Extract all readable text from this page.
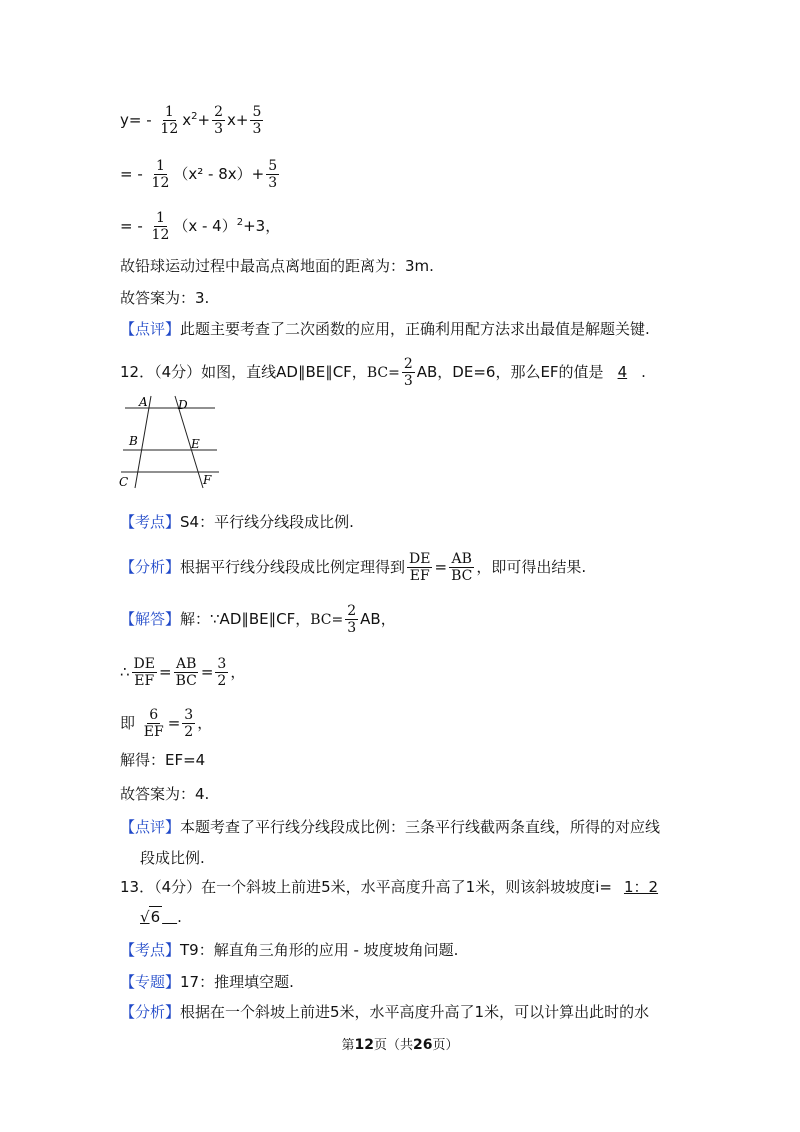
$y= - \frac{1}{12} x^2+ \frac{2}{3} x+ \frac{5}{3}$
= - $\frac{1}{12} (x^2 - 8x)+ \frac{5}{3}$
= - $\frac{1}{12} (x - 4)^2+3$，
故铅球运动过程中最高点离地面的距离为：3m.
故答案为：3.
【点评】此题主要考查了二次函数的应用，正确利用配方法求出最值是解题关键.
12．（4分）如图，直线AD∥BE∥CF，$BC= \frac{2}{3}$ AB，DE=6，那么EF的值是 4 .
A	D
B	E
C	F
【考点】S4：平行线分线段成比例.
【分析】根据平行线分线段成比例定理得到 $\frac{DE}{EF} = \frac{AB}{BC}$ ，即可得出结果.
【解答】解：∵AD∥BE∥CF，$BC= \frac{2}{3}$ AB，
∴ $\frac{DE}{EF} = \frac{AB}{BC} = \frac{3}{2}$ ，
即 $\frac{6}{EF} = \frac{3}{2}$ ，
解得：EF=4
故答案为：4.
【点评】本题考查了平行线分线段成比例：三条平行线截两条直线，所得的对应线
段成比例.
13．（4分）在一个斜坡上前进5米，水平高度升高了1米，则该斜坡坡度i= 1：2
√6   .
【考点】T9：解直角三角形的应用 - 坡度坡角问题.
【专题】17：推理填空题.
【分析】根据在一个斜坡上前进5米，水平高度升高了1米，可以计算出此时的水
第12页（共26页）
